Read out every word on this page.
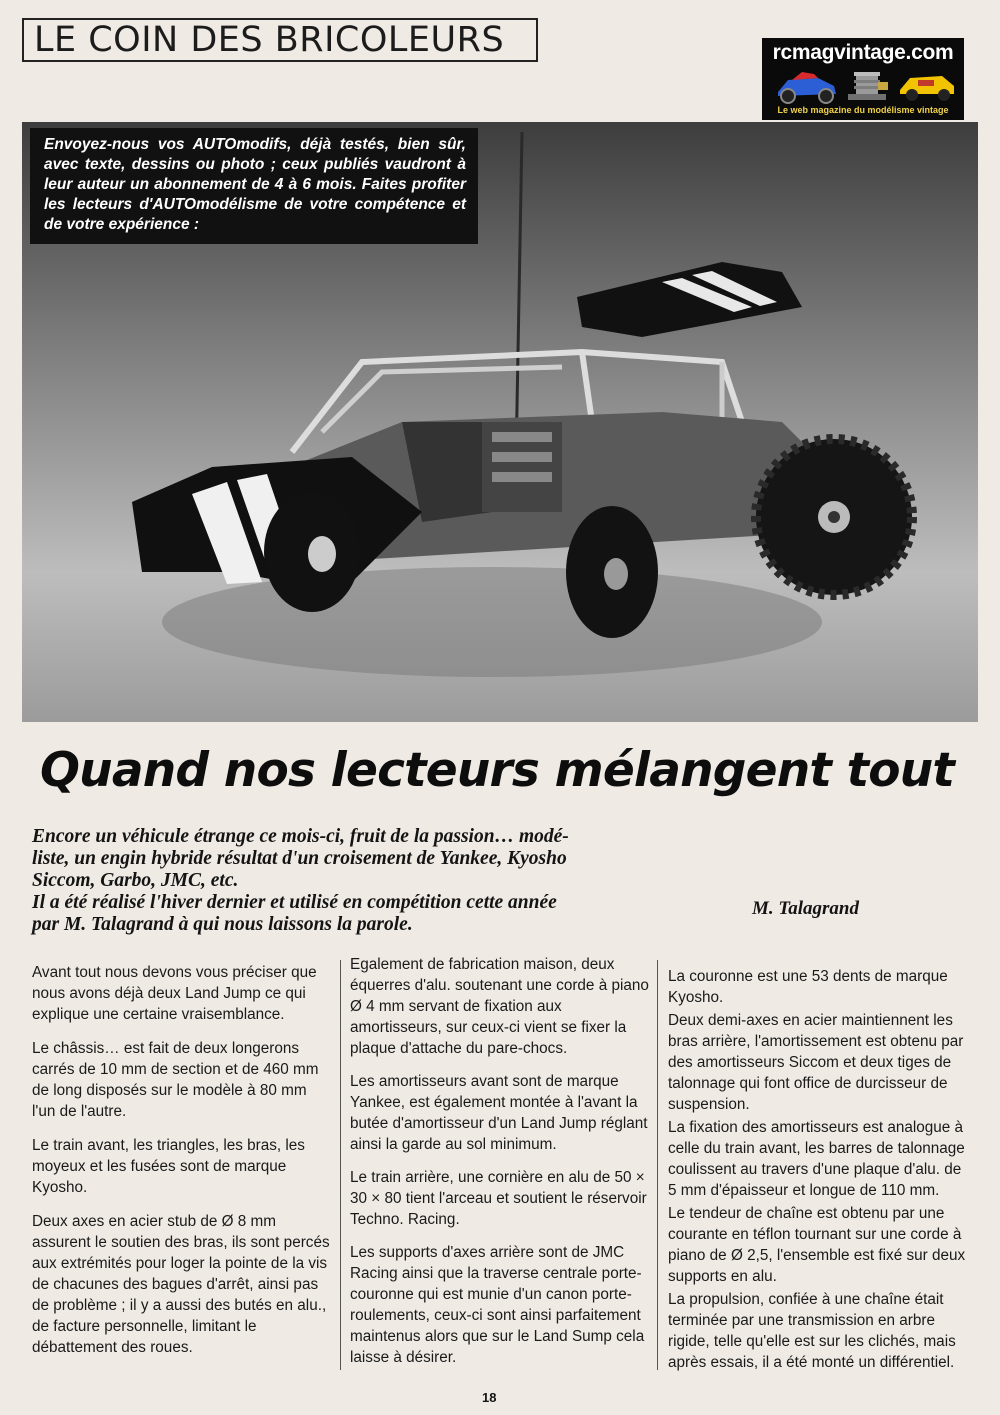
LE COIN DES BRICOLEURS	rcmagvintage.com
Le web magazine du modélisme vintage
Envoyez-nous vos AUTOmodifs, déjà testés, bien sûr, avec texte, dessins ou photo ; ceux publiés vaudront à leur auteur un abonnement de 4 à 6 mois. Faites profiter les lecteurs d'AUTOmodélisme de votre compétence et de votre expérience :
Quand nos lecteurs mélangent tout

Encore un véhicule étrange ce mois-ci, fruit de la passion… modé-

liste, un engin hybride résultat d'un croisement de Yankee, Kyosho

Siccom, Garbo, JMC, etc.

Il a été réalisé l'hiver dernier et utilisé en compétition cette année

par M. Talagrand à qui nous laissons la parole.

M. Talagrand

Avant tout nous devons vous préciser que nous avons déjà deux Land Jump ce qui explique une certaine vraisemblance.

Le châssis… est fait de deux longerons carrés de 10 mm de section et de 460 mm de long disposés sur le modèle à 80 mm l'un de l'autre.

Le train avant, les triangles, les bras, les moyeux et les fusées sont de marque Kyosho.

Deux axes en acier stub de Ø 8 mm assurent le soutien des bras, ils sont percés aux extrémités pour loger la pointe de la vis de chacunes des bagues d'arrêt, ainsi pas de problème ; il y a aussi des butés en alu., de facture personnelle, limitant le débattement des roues.

Egalement de fabrication maison, deux équerres d'alu. soutenant une corde à piano Ø 4 mm servant de fixation aux amortisseurs, sur ceux-ci vient se fixer la plaque d'attache du pare-chocs.

Les amortisseurs avant sont de marque Yankee, est également montée à l'avant la butée d'amortisseur d'un Land Jump réglant ainsi la garde au sol minimum.

Le train arrière, une cornière en alu de 50 × 30 × 80 tient l'arceau et soutient le réservoir Techno. Racing.

Les supports d'axes arrière sont de JMC Racing ainsi que la traverse centrale porte-couronne qui est munie d'un canon porte-roulements, ceux-ci sont ainsi parfaitement maintenus alors que sur le Land Sump cela laisse à désirer.

La couronne est une 53 dents de marque Kyosho.

Deux demi-axes en acier maintiennent les bras arrière, l'amortissement est obtenu par des amortisseurs Siccom et deux tiges de talonnage qui font office de durcisseur de suspension.

La fixation des amortisseurs est analogue à celle du train avant, les barres de talonnage coulissent au travers d'une plaque d'alu. de 5 mm d'épaisseur et longue de 110 mm.

Le tendeur de chaîne est obtenu par une courante en téflon tournant sur une corde à piano de Ø 2,5, l'ensemble est fixé sur deux supports en alu.

La propulsion, confiée à une chaîne était terminée par une transmission en arbre rigide, telle qu'elle est sur les clichés, mais après essais, il a été monté un différentiel.

18
